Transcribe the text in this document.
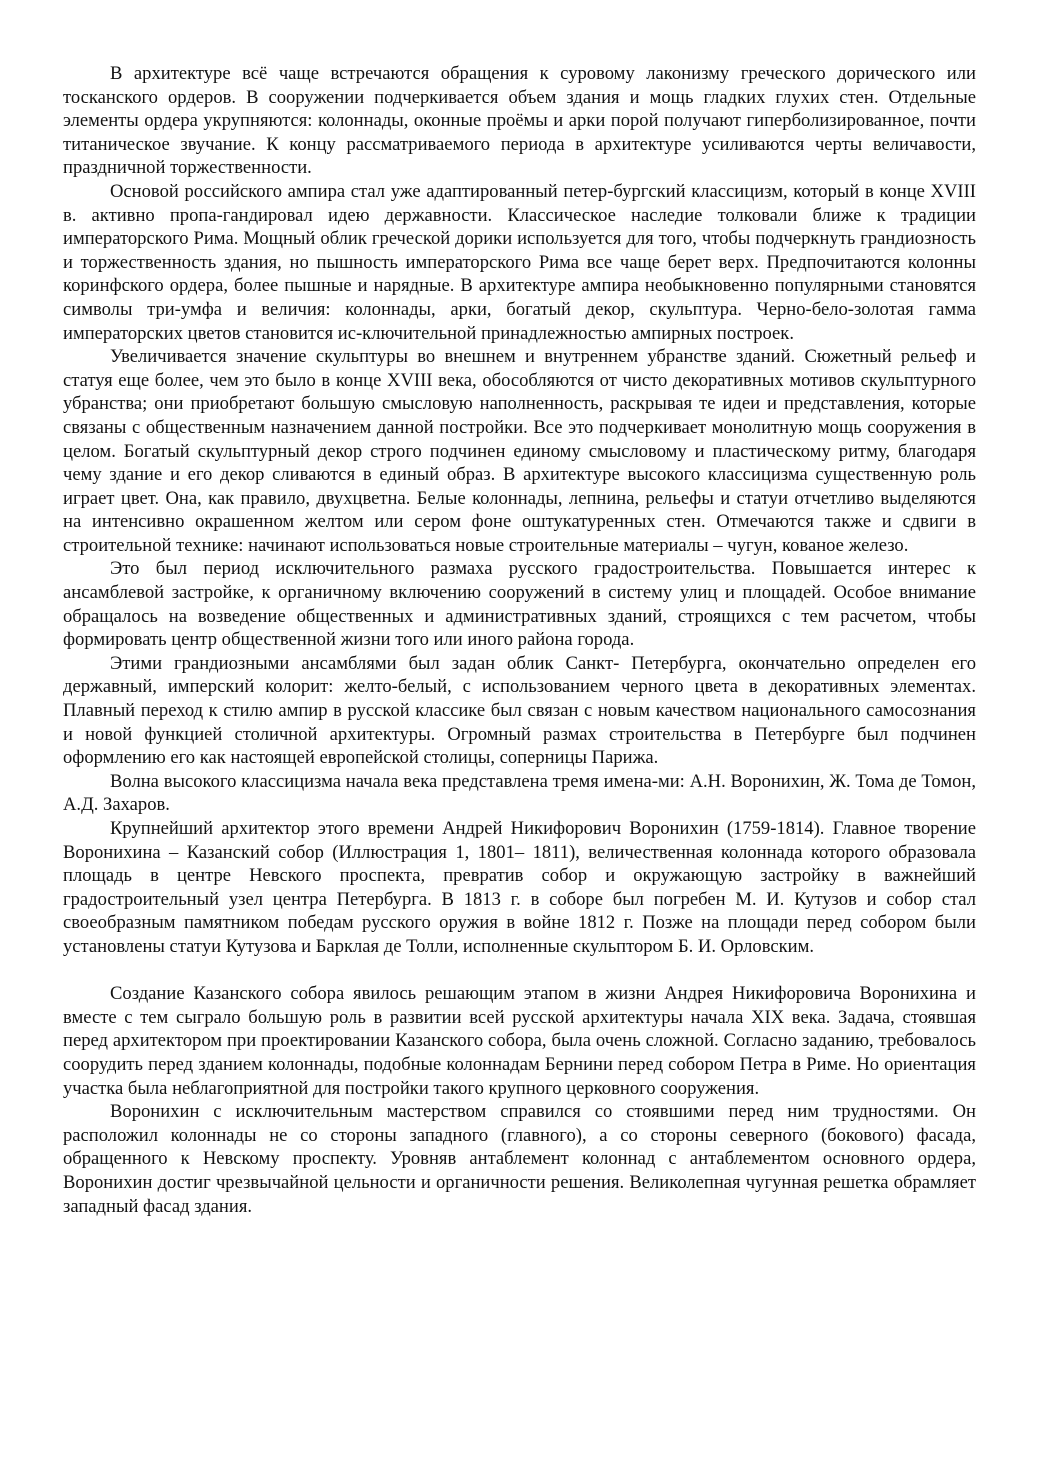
В архитектуре всё чаще встречаются обращения к суровому лаконизму греческого дорического или тосканского ордеров. В сооружении подчеркивается объем здания и мощь гладких глухих стен. Отдельные элементы ордера укрупняются: колоннады, оконные проёмы и арки порой получают гиперболизированное, почти титаническое звучание. К концу рассматриваемого периода в архитектуре усиливаются черты величавости, праздничной торжественности.

Основой российского ампира стал уже адаптированный петер-бургский классицизм, который в конце XVIII в. активно пропа-гандировал идею державности. Классическое наследие толковали ближе к традиции императорского Рима. Мощный облик греческой дорики используется для того, чтобы подчеркнуть грандиозность и торжественность здания, но пышность императорского Рима все чаще берет верх. Предпочитаются колонны коринфского ордера, более пышные и нарядные. В архитектуре ампира необыкновенно популярными становятся символы три-умфа и величия: колоннады, арки, богатый декор, скульптура. Черно-бело-золотая гамма императорских цветов становится ис-ключительной принадлежностью ампирных построек.

Увеличивается значение скульптуры во внешнем и внутреннем убранстве зданий. Сюжетный рельеф и статуя еще более, чем это было в конце XVIII века, обособляются от чисто декоративных мотивов скульптурного убранства; они приобретают большую смысловую наполненность, раскрывая те идеи и представления, которые связаны с общественным назначением данной постройки. Все это подчеркивает монолитную мощь сооружения в целом. Богатый скульптурный декор строго подчинен единому смысловому и пластическому ритму, благодаря чему здание и его декор сливаются в единый образ. В архитектуре высокого классицизма существенную роль играет цвет. Она, как правило, двухцветна. Белые колоннады, лепнина, рельефы и статуи отчетливо выделяются на интенсивно окрашенном желтом или сером фоне оштукатуренных стен. Отмечаются также и сдвиги в строительной технике: начинают использоваться новые строительные материалы – чугун, кованое железо.

Это был период исключительного размаха русского градостроительства. Повышается интерес к ансамблевой застройке, к органичному включению сооружений в систему улиц и площадей. Особое внимание обращалось на возведение общественных и административных зданий, строящихся с тем расчетом, чтобы формировать центр общественной жизни того или иного района города.

Этими грандиозными ансамблями был задан облик Санкт- Петербурга, окончательно определен его державный, имперский колорит: желто-белый, с использованием черного цвета в декоративных элементах. Плавный переход к стилю ампир в русской классике был связан с новым качеством национального самосознания и новой функцией столичной архитектуры. Огромный размах строительства в Петербурге был подчинен оформлению его как настоящей европейской столицы, соперницы Парижа.

Волна высокого классицизма начала века представлена тремя имена-ми: А.Н. Воронихин, Ж. Тома де Томон, А.Д. Захаров.

Крупнейший архитектор этого времени Андрей Никифорович Воронихин (1759-1814). Главное творение Воронихина – Казанский собор (Иллюстрация 1, 1801– 1811), величественная колоннада которого образовала площадь в центре Невского проспекта, превратив собор и окружающую застройку в важнейший градостроительный узел центра Петербурга. В 1813 г. в соборе был погребен М. И. Кутузов и собор стал своеобразным памятником победам русского оружия в войне 1812 г. Позже на площади перед собором были установлены статуи Кутузова и Барклая де Толли, исполненные скульптором Б. И. Орловским.

Создание Казанского собора явилось решающим этапом в жизни Андрея Никифоровича Воронихина и вместе с тем сыграло большую роль в развитии всей русской архитектуры начала XIX века. Задача, стоявшая перед архитектором при проектировании Казанского собора, была очень сложной. Согласно заданию, требовалось соорудить перед зданием колоннады, подобные колоннадам Бернини перед собором Петра в Риме. Но ориентация участка была неблагоприятной для постройки такого крупного церковного сооружения.

Воронихин с исключительным мастерством справился со стоявшими перед ним трудностями. Он расположил колоннады не со стороны западного (главного), а со стороны северного (бокового) фасада, обращенного к Невскому проспекту. Уровняв антаблемент колоннад с антаблементом основного ордера, Воронихин достиг чрезвычайной цельности и органичности решения. Великолепная чугунная решетка обрамляет западный фасад здания.
